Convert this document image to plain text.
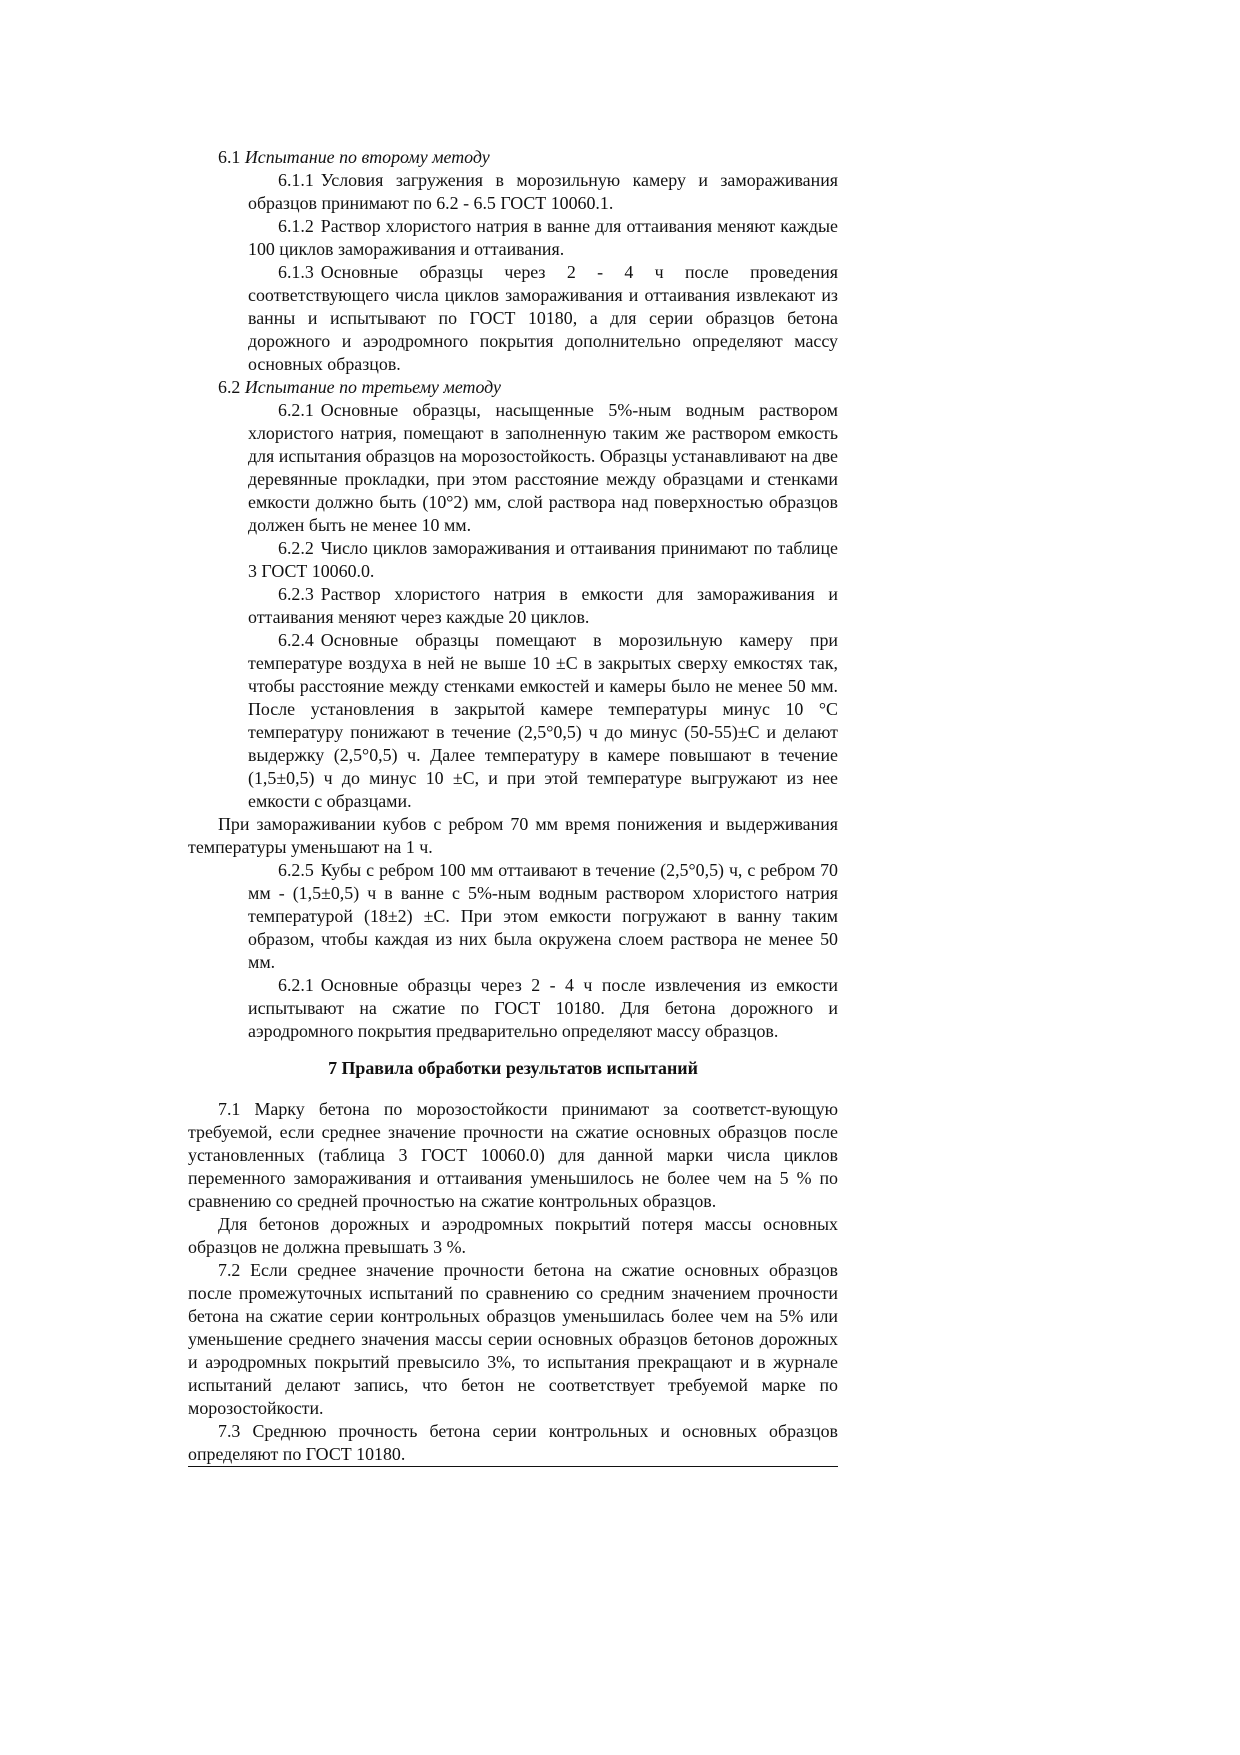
6.1 Испытание по второму методу

6.1.1 Условия загружения в морозильную камеру и замораживания образцов принимают по 6.2 - 6.5 ГОСТ 10060.1.

6.1.2 Раствор хлористого натрия в ванне для оттаивания меняют каждые 100 циклов замораживания и оттаивания.

6.1.3 Основные образцы через 2 - 4 ч после проведения соответствующего числа циклов замораживания и оттаивания извлекают из ванны и испытывают по ГОСТ 10180, а для серии образцов бетона дорожного и аэродромного покрытия дополнительно определяют массу основных образцов.

6.2 Испытание по третьему методу

6.2.1 Основные образцы, насыщенные 5%-ным водным раствором хлористого натрия, помещают в заполненную таким же раствором емкость для испытания образцов на морозостойкость. Образцы устанавливают на две деревянные прокладки, при этом расстояние между образцами и стенками емкости должно быть (10°2) мм, слой раствора над поверхностью образцов должен быть не менее 10 мм.

6.2.2 Число циклов замораживания и оттаивания принимают по таблице 3 ГОСТ 10060.0.

6.2.3 Раствор хлористого натрия в емкости для замораживания и оттаивания меняют через каждые 20 циклов.

6.2.4 Основные образцы помещают в морозильную камеру при температуре воздуха в ней не выше 10 ±С в закрытых сверху емкостях так, чтобы расстояние между стенками емкостей и камеры было не менее 50 мм. После установления в закрытой камере температуры минус 10 °С температуру понижают в течение (2,5°0,5) ч до минус (50-55)±С и делают выдержку (2,5°0,5) ч. Далее температуру в камере повышают в течение (1,5±0,5) ч до минус 10 ±С, и при этой температуре выгружают из нее емкости с образцами.

При замораживании кубов с ребром 70 мм время понижения и выдерживания температуры уменьшают на 1 ч.

6.2.5 Кубы с ребром 100 мм оттаивают в течение (2,5°0,5) ч, с ребром 70 мм - (1,5±0,5) ч в ванне с 5%-ным водным раствором хлористого натрия температурой (18±2) ±С. При этом емкости погружают в ванну таким образом, чтобы каждая из них была окружена слоем раствора не менее 50 мм.

6.2.1 Основные образцы через 2 - 4 ч после извлечения из емкости испытывают на сжатие по ГОСТ 10180. Для бетона дорожного и аэродромного покрытия предварительно определяют массу образцов.

7 Правила обработки результатов испытаний

7.1 Марку бетона по морозостойкости принимают за соответст-вующую требуемой, если среднее значение прочности на сжатие основных образцов после установленных (таблица 3 ГОСТ 10060.0) для данной марки числа циклов переменного замораживания и оттаивания уменьшилось не более чем на 5 % по сравнению со средней прочностью на сжатие контрольных образцов.

Для бетонов дорожных и аэродромных покрытий потеря массы основных образцов не должна превышать 3 %.

7.2 Если среднее значение прочности бетона на сжатие основных образцов после промежуточных испытаний по сравнению со средним значением прочности бетона на сжатие серии контрольных образцов уменьшилась более чем на 5% или уменьшение среднего значения массы серии основных образцов бетонов дорожных и аэродромных покрытий превысило 3%, то испытания прекращают и в журнале испытаний делают запись, что бетон не соответствует требуемой марке по морозостойкости.

7.3 Среднюю прочность бетона серии контрольных и основных образцов определяют по ГОСТ 10180.
